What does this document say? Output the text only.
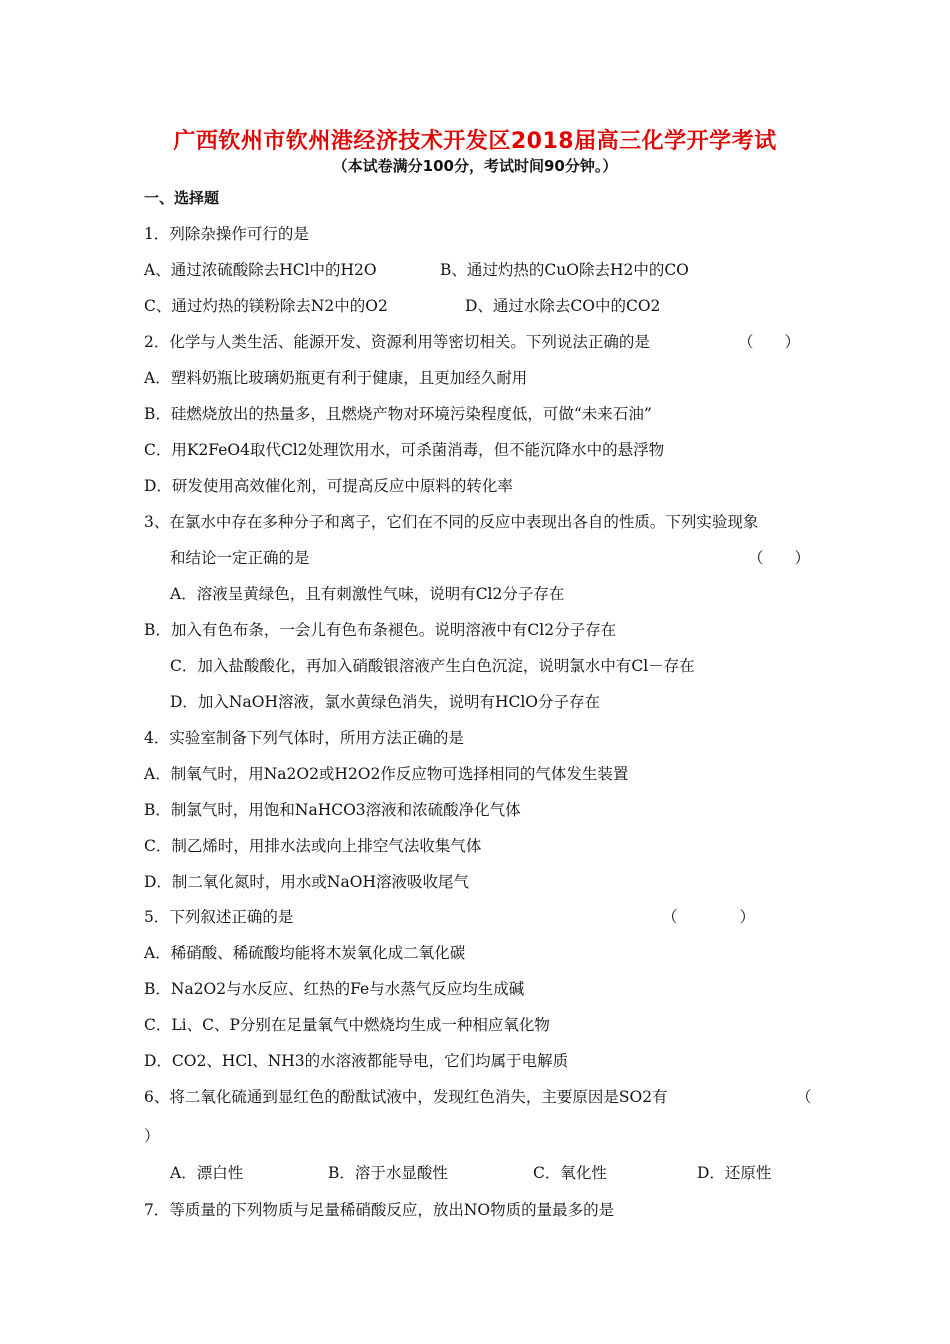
广西钦州市钦州港经济技术开发区2018届高三化学开学考试
（本试卷满分100分，考试时间90分钟。）
一、选择题
1．列除杂操作可行的是
A、通过浓硫酸除去HCl中的H2O	B、通过灼热的CuO除去H2中的CO
C、通过灼热的镁粉除去N2中的O2	D、通过水除去CO中的CO2
2．化学与人类生活、能源开发、资源利用等密切相关。下列说法正确的是	（　　）
A．塑料奶瓶比玻璃奶瓶更有利于健康，且更加经久耐用
B．硅燃烧放出的热量多，且燃烧产物对环境污染程度低，可做“未来石油”
C．用K2FeO4取代Cl2处理饮用水，可杀菌消毒，但不能沉降水中的悬浮物
D．研发使用高效催化剂，可提高反应中原料的转化率
3、在氯水中存在多种分子和离子，它们在不同的反应中表现出各自的性质。下列实验现象
和结论一定正确的是	（　　）
A．溶液呈黄绿色，且有刺激性气味，说明有Cl2分子存在
B．加入有色布条，一会儿有色布条褪色。说明溶液中有Cl2分子存在
C．加入盐酸酸化，再加入硝酸银溶液产生白色沉淀，说明氯水中有Cl－存在
D．加入NaOH溶液，氯水黄绿色消失，说明有HClO分子存在
4．实验室制备下列气体时，所用方法正确的是
A．制氧气时，用Na2O2或H2O2作反应物可选择相同的气体发生装置
B．制氯气时，用饱和NaHCO3溶液和浓硫酸净化气体
C．制乙烯时，用排水法或向上排空气法收集气体
D．制二氧化氮时，用水或NaOH溶液吸收尾气
5．下列叙述正确的是	（　　　　）
A．稀硝酸、稀硫酸均能将木炭氧化成二氧化碳
B．Na2O2与水反应、红热的Fe与水蒸气反应均生成碱
C．Li、C、P分别在足量氧气中燃烧均生成一种相应氧化物
D．CO2、HCl、NH3的水溶液都能导电，它们均属于电解质
6、将二氧化硫通到显红色的酚酞试液中，发现红色消失，主要原因是SO2有	（
）
A．漂白性	B．溶于水显酸性	C．氧化性	D．还原性
7．等质量的下列物质与足量稀硝酸反应，放出NO物质的量最多的是
